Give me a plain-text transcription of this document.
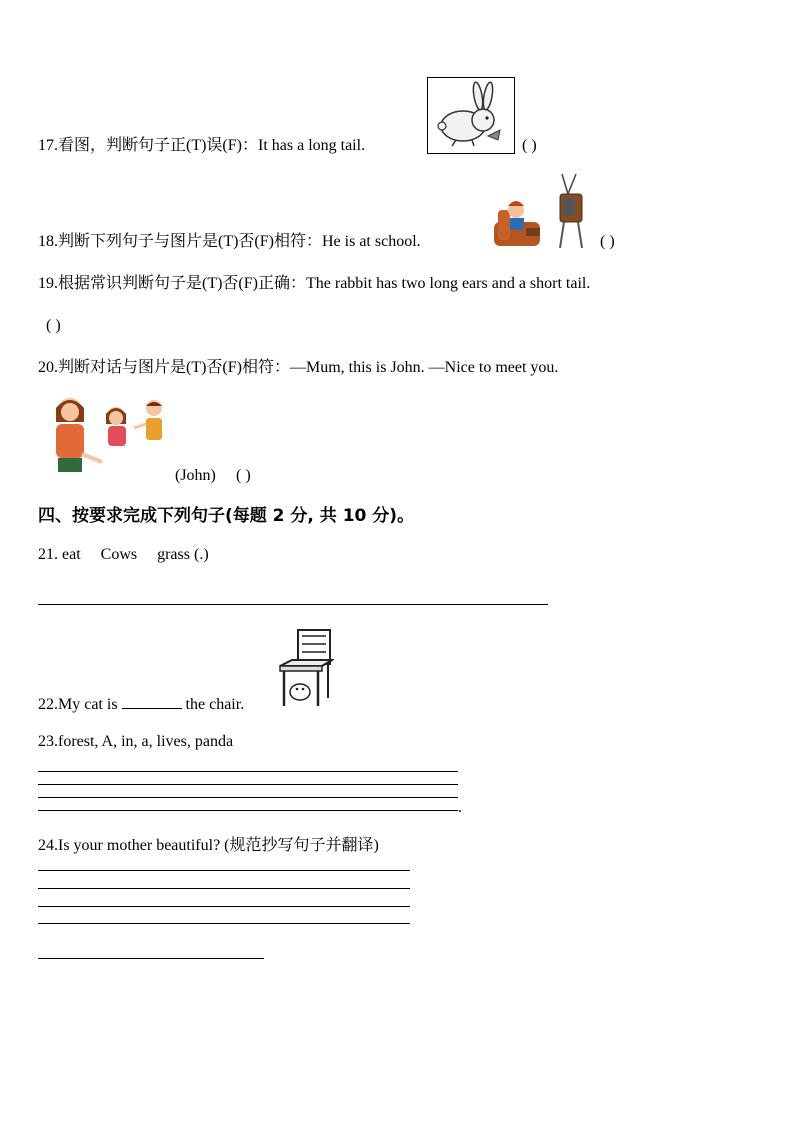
17.看图，判断句子正(T)误(F)：It has a long tail.	( )
18.判断下列句子与图片是(T)否(F)相符：He is at school.	( )
19.根据常识判断句子是(T)否(F)正确：The rabbit has two long ears and a short tail.
( )
20.判断对话与图片是(T)否(F)相符：—Mum, this is John. —Nice to meet you.
(John) ( )
四、按要求完成下列句子(每题 2 分, 共 10 分)。
21. eat     Cows     grass (.)
22.My cat is	the chair.
23.forest, A, in, a, lives, panda
.
24.Is your mother beautiful? (规范抄写句子并翻译)
